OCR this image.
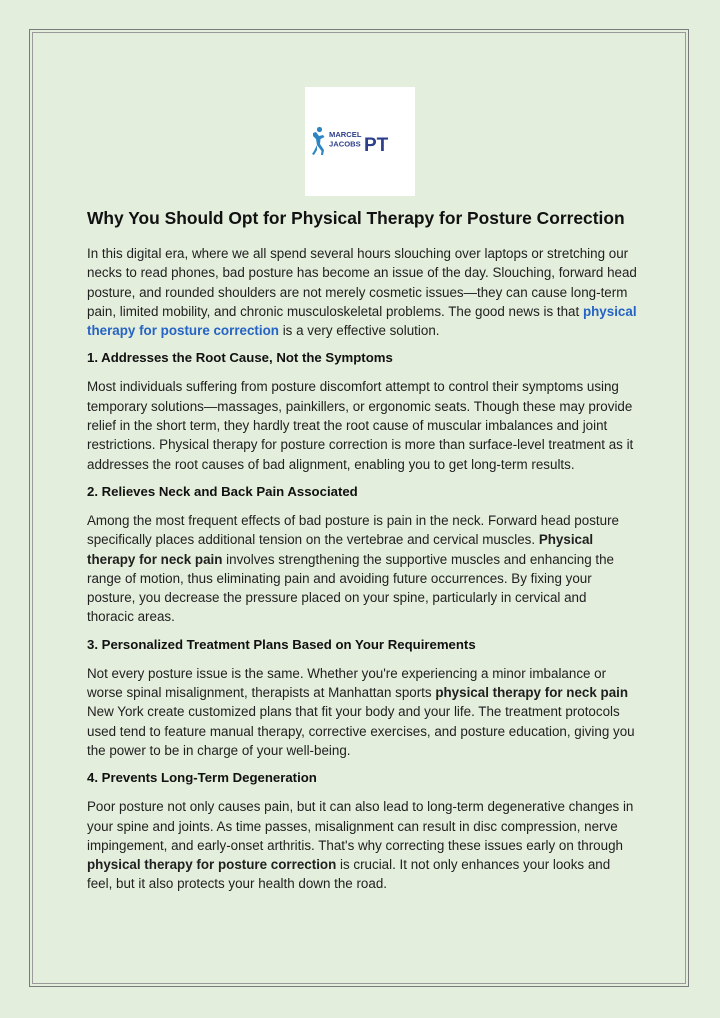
MARCEL
JACOBS PT
Why You Should Opt for Physical Therapy for Posture Correction

In this digital era, where we all spend several hours slouching over laptops or stretching our necks to read phones, bad posture has become an issue of the day. Slouching, forward head posture, and rounded shoulders are not merely cosmetic issues—they can cause long-term pain, limited mobility, and chronic musculoskeletal problems. The good news is that physical therapy for posture correction is a very effective solution.

1. Addresses the Root Cause, Not the Symptoms

Most individuals suffering from posture discomfort attempt to control their symptoms using temporary solutions—massages, painkillers, or ergonomic seats. Though these may provide relief in the short term, they hardly treat the root cause of muscular imbalances and joint restrictions. Physical therapy for posture correction is more than surface-level treatment as it addresses the root causes of bad alignment, enabling you to get long-term results.

2. Relieves Neck and Back Pain Associated

Among the most frequent effects of bad posture is pain in the neck. Forward head posture specifically places additional tension on the vertebrae and cervical muscles. Physical therapy for neck pain involves strengthening the supportive muscles and enhancing the range of motion, thus eliminating pain and avoiding future occurrences. By fixing your posture, you decrease the pressure placed on your spine, particularly in cervical and thoracic areas.

3. Personalized Treatment Plans Based on Your Requirements

Not every posture issue is the same. Whether you're experiencing a minor imbalance or worse spinal misalignment, therapists at Manhattan sports physical therapy for neck pain New York create customized plans that fit your body and your life. The treatment protocols used tend to feature manual therapy, corrective exercises, and posture education, giving you the power to be in charge of your well-being.

4. Prevents Long-Term Degeneration

Poor posture not only causes pain, but it can also lead to long-term degenerative changes in your spine and joints. As time passes, misalignment can result in disc compression, nerve impingement, and early-onset arthritis. That's why correcting these issues early on through physical therapy for posture correction is crucial. It not only enhances your looks and feel, but it also protects your health down the road.
